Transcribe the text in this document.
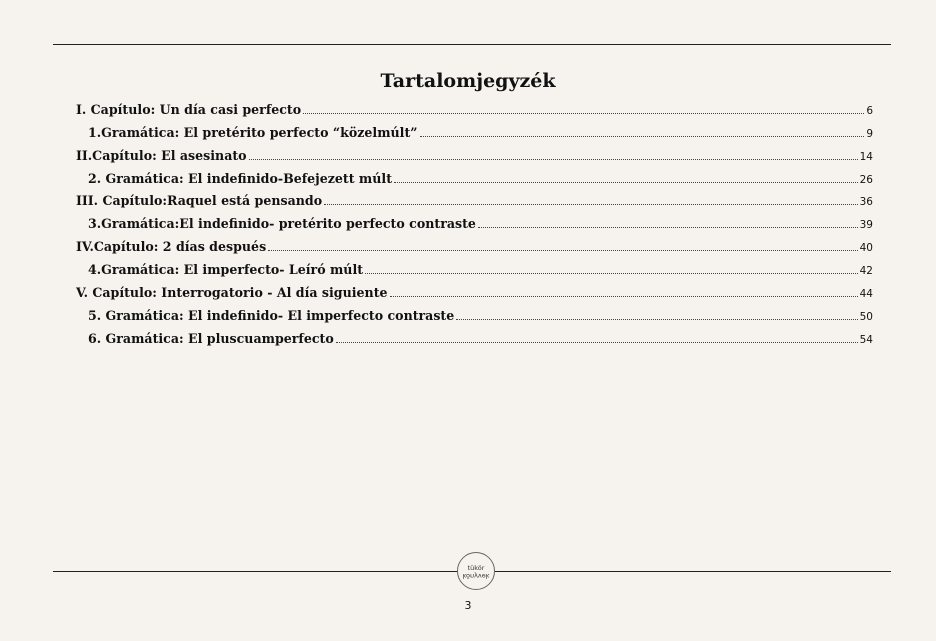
Tartalomjegyzék
I. Capítulo: Un día casi perfecto	6
1.Gramática: El pretérito perfecto “közelmúlt”	9
II.Capítulo: El asesinato	14
2. Gramática: El indefinido-Befejezett múlt	26
III. Capítulo:Raquel está pensando	36
3.Gramática:El indefinido- pretérito perfecto contraste	39
IV.Capítulo: 2 días después	40
4.Gramática: El imperfecto- Leíró múlt	42
V. Capítulo: Interrogatorio - Al día siguiente	44
5. Gramática: El indefinido- El imperfecto contraste	50
6. Gramática: El pluscuamperfecto	54
tükör
könyvek
3
